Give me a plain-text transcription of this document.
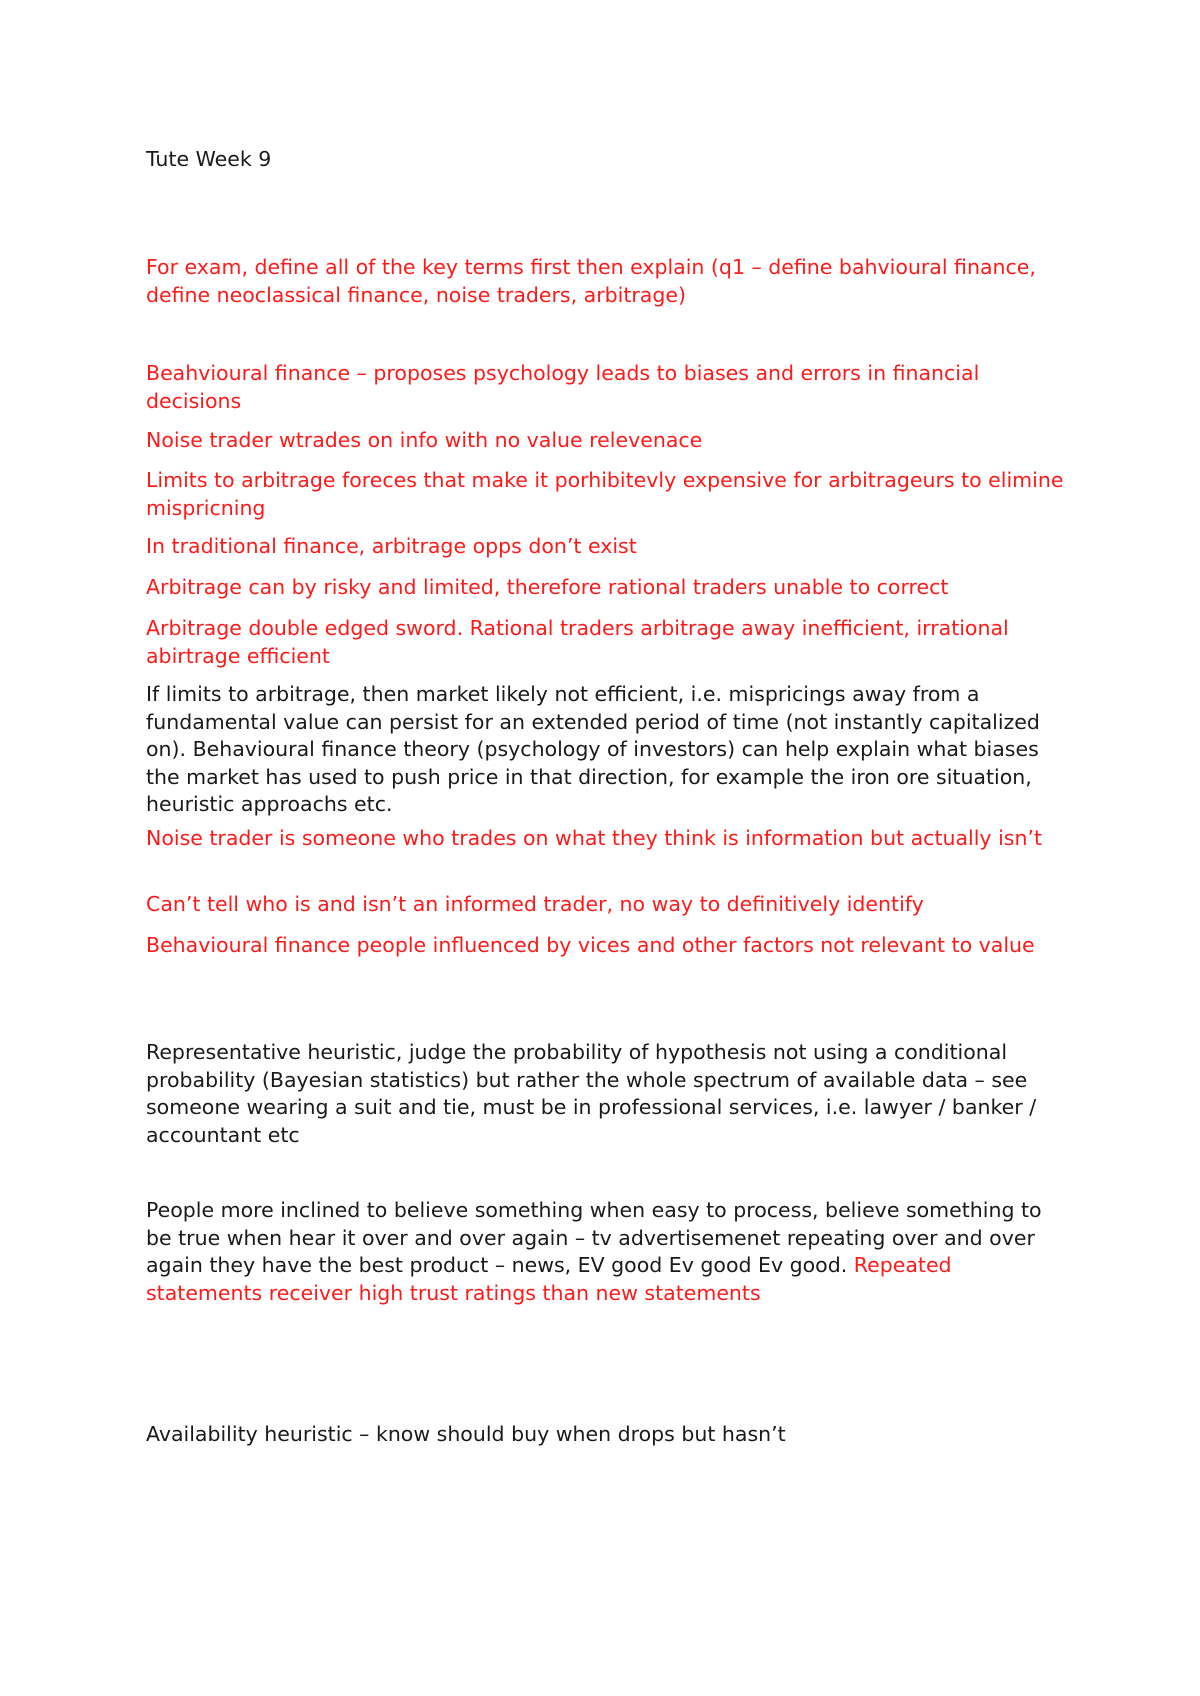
Tute Week 9

For exam, define all of the key terms first then explain (q1 – define bahvioural finance, define neoclassical finance, noise traders, arbitrage)

Beahvioural finance – proposes psychology leads to biases and errors in financial decisions

Noise trader wtrades on info with no value relevenace

Limits to arbitrage foreces that make it porhibitevly expensive for arbitrageurs to elimine mispricning

In traditional finance, arbitrage opps don’t exist

Arbitrage can by risky and limited, therefore rational traders unable to correct

Arbitrage double edged sword. Rational traders arbitrage away inefficient, irrational abirtrage efficient

If limits to arbitrage, then market likely not efficient, i.e. mispricings away from a fundamental value can persist for an extended period of time (not instantly capitalized on). Behavioural finance theory (psychology of investors) can help explain what biases the market has used to push price in that direction, for example the iron ore situation, heuristic approachs etc.

Noise trader is someone who trades on what they think is information but actually isn’t

Can’t tell who is and isn’t an informed trader, no way to definitively identify

Behavioural finance people influenced by vices and other factors not relevant to value

Representative heuristic, judge the probability of hypothesis not using a conditional probability (Bayesian statistics) but rather the whole spectrum of available data – see someone wearing a suit and tie, must be in professional services, i.e. lawyer / banker / accountant etc

People more inclined to believe something when easy to process, believe something to be true when hear it over and over again – tv advertisemenet repeating over and over again they have the best product – news, EV good Ev good Ev good. Repeated statements receiver high trust ratings than new statements

Availability heuristic – know should buy when drops but hasn’t
